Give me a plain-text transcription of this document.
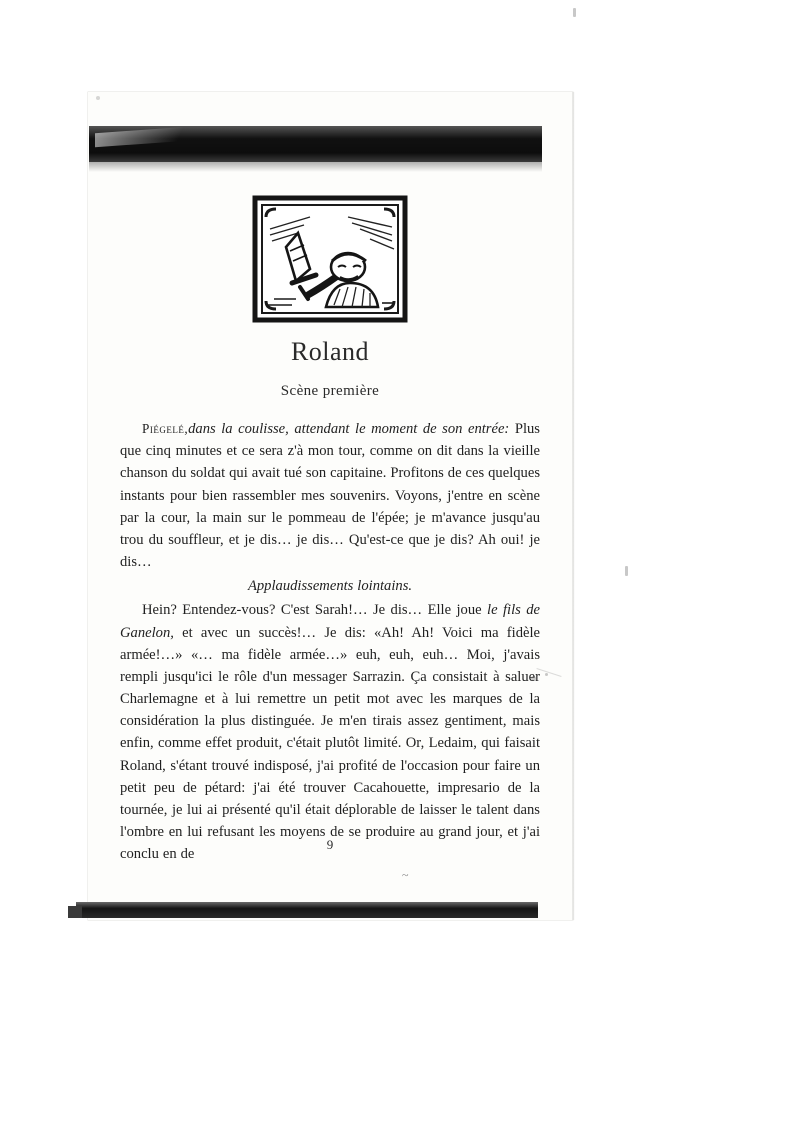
~
Roland
Scène première

Piégelé,dans la coulisse, attendant le moment de son entrée: Plus que cinq minutes et ce sera z'à mon tour, comme on dit dans la vieille chanson du soldat qui avait tué son capitaine. Profitons de ces quelques instants pour bien rassembler mes souvenirs. Voyons, j'entre en scène par la cour, la main sur le pommeau de l'épée; je m'avance jusqu'au trou du souffleur, et je dis… je dis… Qu'est-ce que je dis? Ah oui! je dis…

Applaudissements lointains.

Hein? Entendez-vous? C'est Sarah!… Je dis… Elle joue le fils de Ganelon, et avec un succès!… Je dis: «Ah! Ah! Voici ma fidèle armée!…» «… ma fidèle armée…» euh, euh, euh… Moi, j'avais rempli jusqu'ici le rôle d'un messager Sarrazin. Ça consistait à saluer Charlemagne et à lui remettre un petit mot avec les marques de la considération la plus distinguée. Je m'en tirais assez gentiment, mais enfin, comme effet produit, c'était plutôt limité. Or, Ledaim, qui faisait Roland, s'étant trouvé indisposé, j'ai profité de l'occasion pour faire un petit peu de pétard: j'ai été trouver Cacahouette, impresario de la tournée, je lui ai présenté qu'il était déplorable de laisser le talent dans l'ombre en lui refusant les moyens de se produire au grand jour, et j'ai conclu en de

9
